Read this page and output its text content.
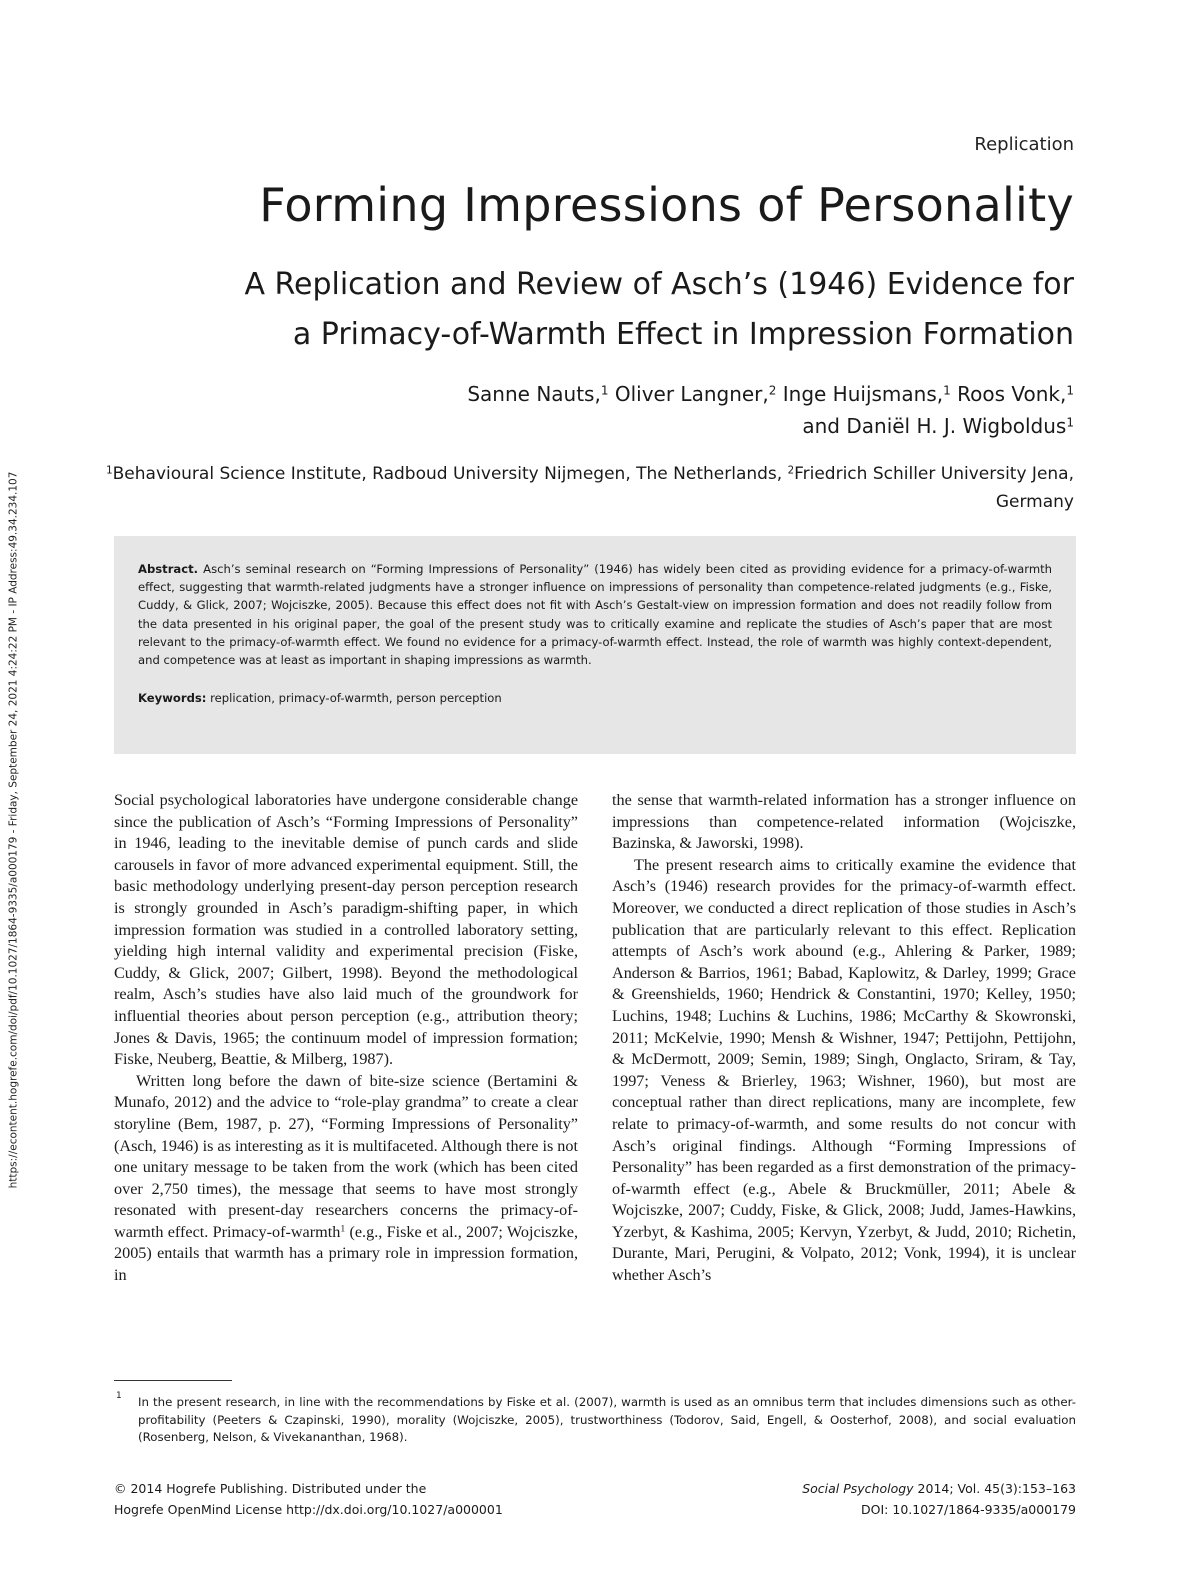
https://econtent.hogrefe.com/doi/pdf/10.1027/1864-9335/a000179 - Friday, September 24, 2021 4:24:22 PM - IP Address:49.34.234.107
Replication
Forming Impressions of Personality
A Replication and Review of Asch’s (1946) Evidence for
a Primacy-of-Warmth Effect in Impression Formation
Sanne Nauts,$^1$ Oliver Langner,$^2$ Inge Huijsmans,$^1$ Roos Vonk,$^1$
and Daniël H. J. Wigboldus$^1$
$^1$Behavioural Science Institute, Radboud University Nijmegen, The Netherlands, $^2$Friedrich Schiller University Jena, Germany

Abstract. Asch’s seminal research on “Forming Impressions of Personality” (1946) has widely been cited as providing evidence for a primacy-of-warmth effect, suggesting that warmth-related judgments have a stronger influence on impressions of personality than competence-related judgments (e.g., Fiske, Cuddy, & Glick, 2007; Wojciszke, 2005). Because this effect does not fit with Asch’s Gestalt-view on impression formation and does not readily follow from the data presented in his original paper, the goal of the present study was to critically examine and replicate the studies of Asch’s paper that are most relevant to the primacy-of-warmth effect. We found no evidence for a primacy-of-warmth effect. Instead, the role of warmth was highly context-dependent, and competence was at least as important in shaping impressions as warmth.

Keywords: replication, primacy-of-warmth, person perception

Social psychological laboratories have undergone considerable change since the publication of Asch’s “Forming Impressions of Personality” in 1946, leading to the inevitable demise of punch cards and slide carousels in favor of more advanced experimental equipment. Still, the basic methodology underlying present-day person perception research is strongly grounded in Asch’s paradigm-shifting paper, in which impression formation was studied in a controlled laboratory setting, yielding high internal validity and experimental precision (Fiske, Cuddy, & Glick, 2007; Gilbert, 1998). Beyond the methodological realm, Asch’s studies have also laid much of the groundwork for influential theories about person perception (e.g., attribution theory; Jones & Davis, 1965; the continuum model of impression formation; Fiske, Neuberg, Beattie, & Milberg, 1987).

Written long before the dawn of bite-size science (Bertamini & Munafo, 2012) and the advice to “role-play grandma” to create a clear storyline (Bem, 1987, p. 27), “Forming Impressions of Personality” (Asch, 1946) is as interesting as it is multifaceted. Although there is not one unitary message to be taken from the work (which has been cited over 2,750 times), the message that seems to have most strongly resonated with present-day researchers concerns the primacy-of-warmth effect. Primacy-of-warmth$^1$ (e.g., Fiske et al., 2007; Wojciszke, 2005) entails that warmth has a primary role in impression formation, in

the sense that warmth-related information has a stronger influence on impressions than competence-related information (Wojciszke, Bazinska, & Jaworski, 1998).

The present research aims to critically examine the evidence that Asch’s (1946) research provides for the primacy-of-warmth effect. Moreover, we conducted a direct replication of those studies in Asch’s publication that are particularly relevant to this effect. Replication attempts of Asch’s work abound (e.g., Ahlering & Parker, 1989; Anderson & Barrios, 1961; Babad, Kaplowitz, & Darley, 1999; Grace & Greenshields, 1960; Hendrick & Constantini, 1970; Kelley, 1950; Luchins, 1948; Luchins & Luchins, 1986; McCarthy & Skowronski, 2011; McKelvie, 1990; Mensh & Wishner, 1947; Pettijohn, Pettijohn, & McDermott, 2009; Semin, 1989; Singh, Onglacto, Sriram, & Tay, 1997; Veness & Brierley, 1963; Wishner, 1960), but most are conceptual rather than direct replications, many are incomplete, few relate to primacy-of-warmth, and some results do not concur with Asch’s original findings. Although “Forming Impressions of Personality” has been regarded as a first demonstration of the primacy-of-warmth effect (e.g., Abele & Bruckmüller, 2011; Abele & Wojciszke, 2007; Cuddy, Fiske, & Glick, 2008; Judd, James-Hawkins, Yzerbyt, & Kashima, 2005; Kervyn, Yzerbyt, & Judd, 2010; Richetin, Durante, Mari, Perugini, & Volpato, 2012; Vonk, 1994), it is unclear whether Asch’s

1 In the present research, in line with the recommendations by Fiske et al. (2007), warmth is used as an omnibus term that includes dimensions such as other-profitability (Peeters & Czapinski, 1990), morality (Wojciszke, 2005), trustworthiness (Todorov, Said, Engell, & Oosterhof, 2008), and social evaluation (Rosenberg, Nelson, & Vivekananthan, 1968).

© 2014 Hogrefe Publishing. Distributed under the
Hogrefe OpenMind License http://dx.doi.org/10.1027/a000001
Social Psychology 2014; Vol. 45(3):153–163
DOI: 10.1027/1864-9335/a000179
